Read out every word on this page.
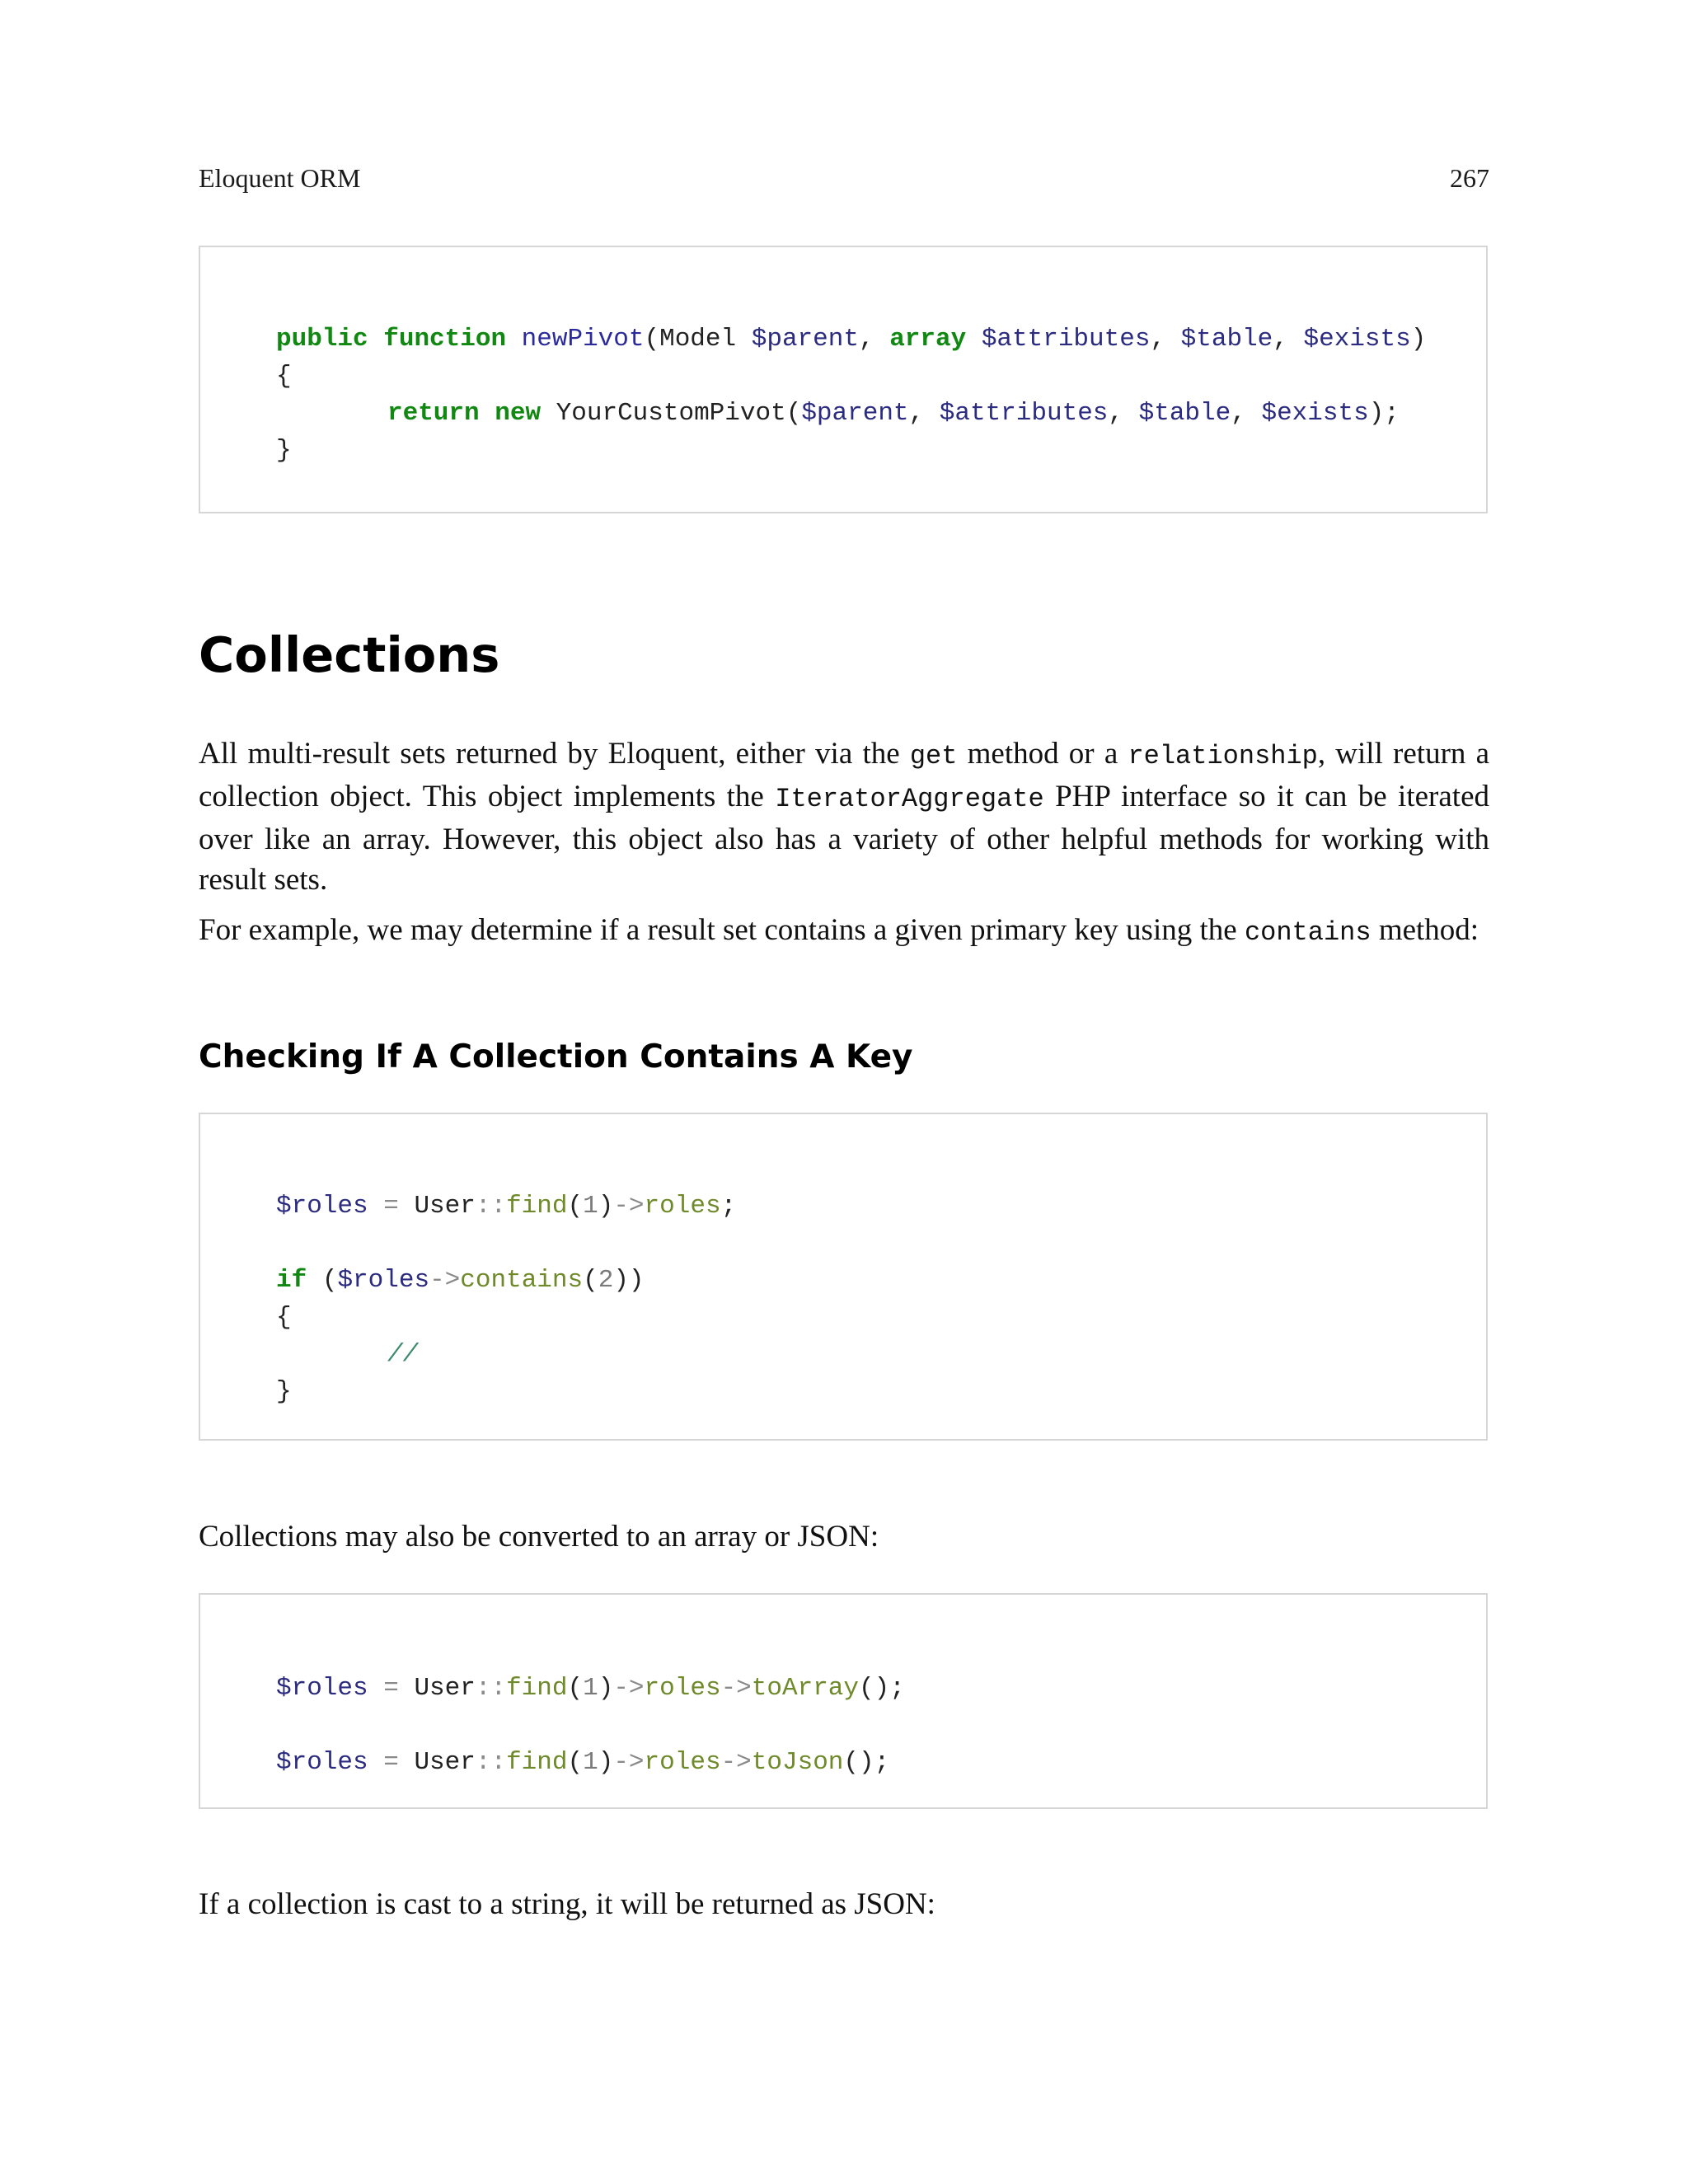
Eloquent ORM	267
public function newPivot(Model $parent, array $attributes, $table, $exists)
{
return new YourCustomPivot($parent, $attributes, $table, $exists);
}
Collections

All multi-result sets returned by Eloquent, either via the get method or a relationship, will return a collection object. This object implements the IteratorAggregate PHP interface so it can be iterated over like an array. However, this object also has a variety of other helpful methods for working with result sets.

For example, we may determine if a result set contains a given primary key using the contains method:

Checking If A Collection Contains A Key
$roles = User::find(1)->roles;
if ($roles->contains(2))
{
//
}

Collections may also be converted to an array or JSON:

$roles = User::find(1)->roles->toArray();
$roles = User::find(1)->roles->toJson();

If a collection is cast to a string, it will be returned as JSON:
